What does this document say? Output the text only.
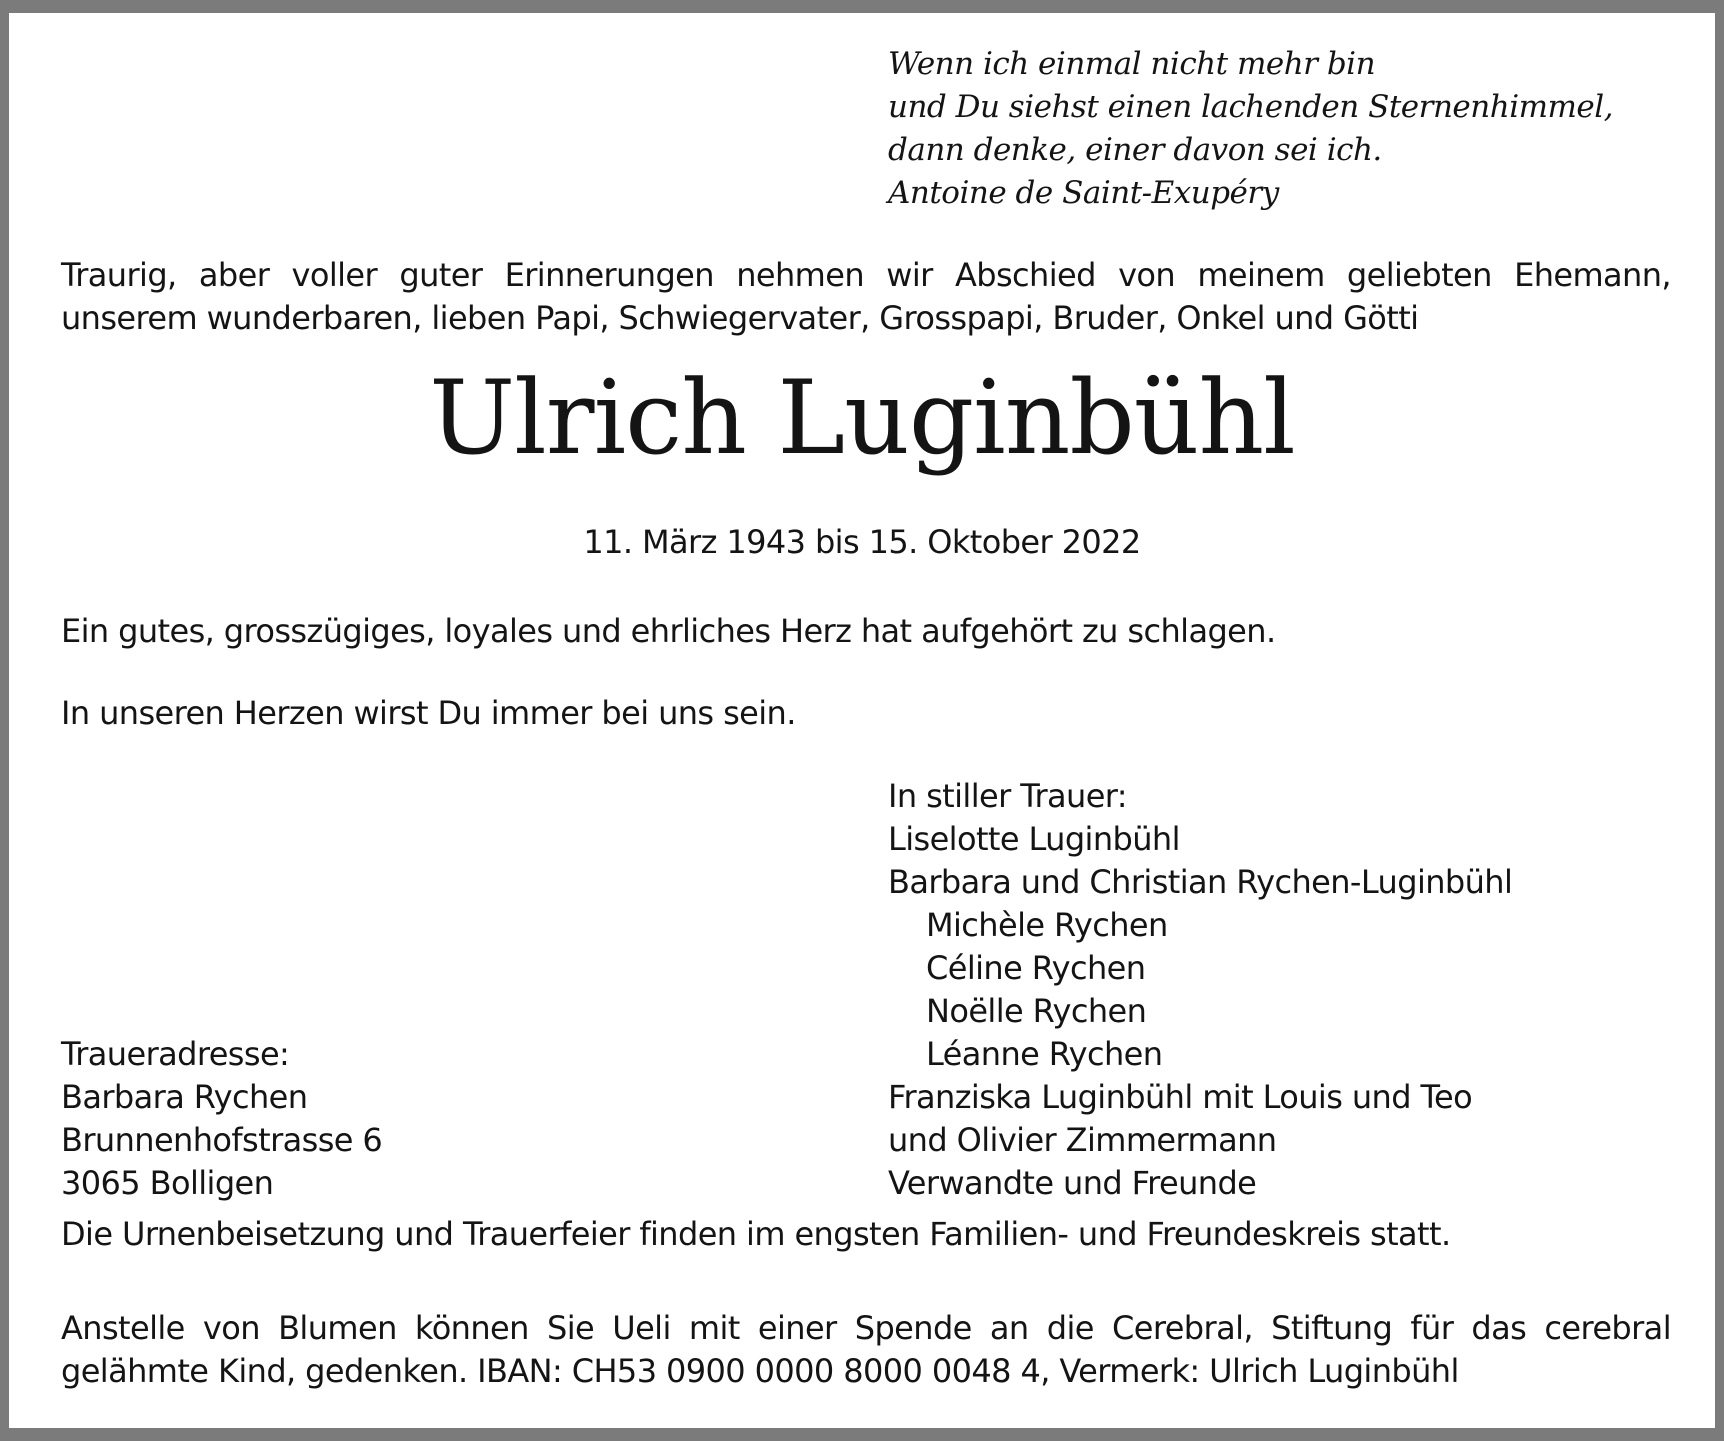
Wenn ich einmal nicht mehr bin
und Du siehst einen lachenden Sternenhimmel,
dann denke, einer davon sei ich.
Antoine de Saint-Exupéry
Traurig, aber voller guter Erinnerungen nehmen wir Abschied von meinem geliebten Ehemann, unserem wunderbaren, lieben Papi, Schwiegervater, Grosspapi, Bruder, Onkel und Götti
Ulrich Luginbühl
11. März 1943 bis 15. Oktober 2022
Ein gutes, grosszügiges, loyales und ehrliches Herz hat aufgehört zu schlagen.
In unseren Herzen wirst Du immer bei uns sein.
In stiller Trauer:
Liselotte Luginbühl
Barbara und Christian Rychen-Luginbühl
Michèle Rychen
Céline Rychen
Noëlle Rychen
Léanne Rychen
Franziska Luginbühl mit Louis und Teo
und Olivier Zimmermann
Verwandte und Freunde
Traueradresse:
Barbara Rychen
Brunnenhofstrasse 6
3065 Bolligen
Die Urnenbeisetzung und Trauerfeier finden im engsten Familien- und Freundeskreis statt.
Anstelle von Blumen können Sie Ueli mit einer Spende an die Cerebral, Stiftung für das cerebral gelähmte Kind, gedenken. IBAN: CH53 0900 0000 8000 0048 4, Vermerk: Ulrich Luginbühl
